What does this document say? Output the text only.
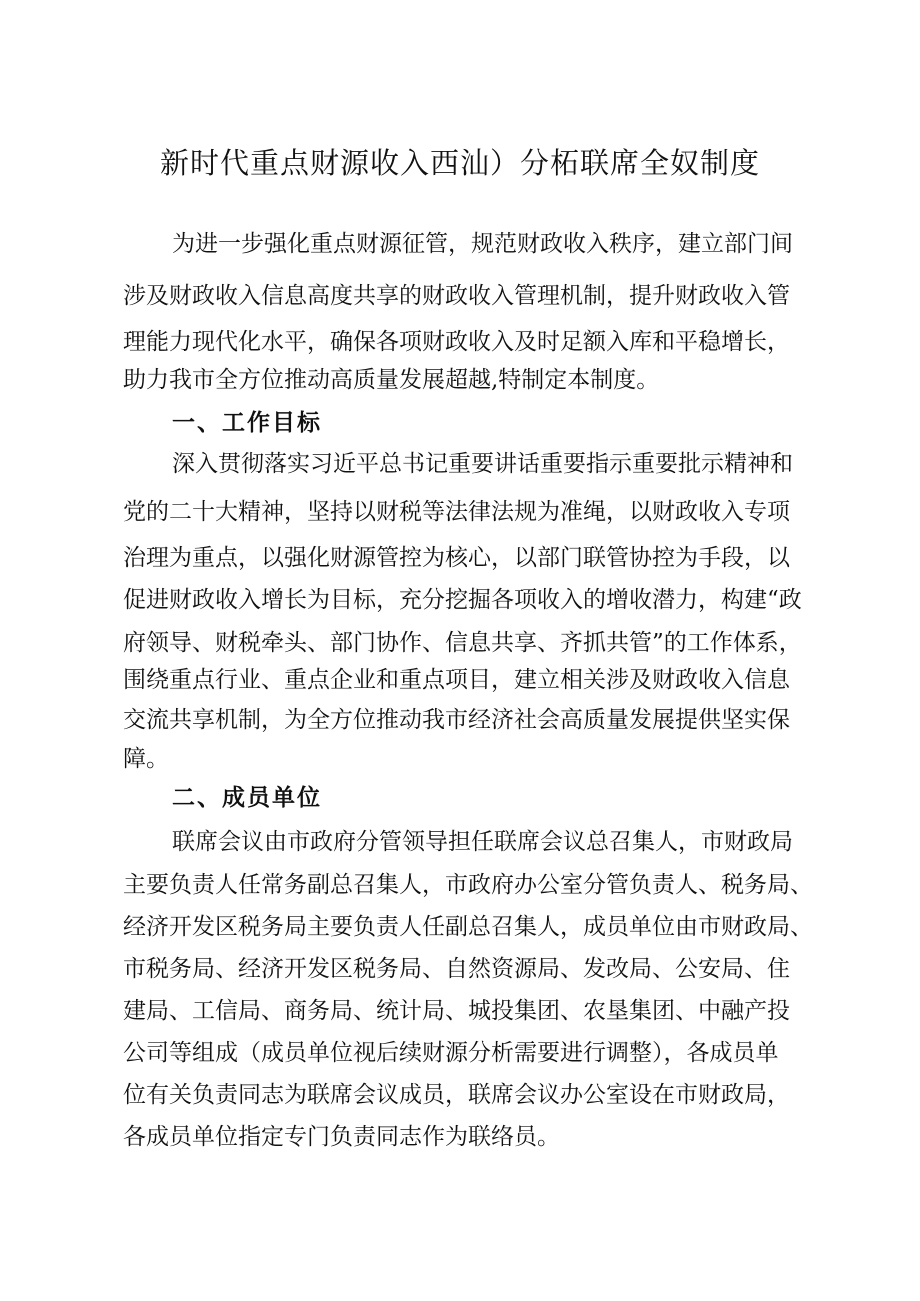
新时代重点财源收入西汕）分柘联席全奴制度
为进一步强化重点财源征管，规范财政收入秩序，建立部门间
涉及财政收入信息高度共享的财政收入管理机制，提升财政收入管
理能力现代化水平，确保各项财政收入及时足额入库和平稳增长，
助力我市全方位推动高质量发展超越,特制定本制度。
一、工作目标
深入贯彻落实习近平总书记重要讲话重要指示重要批示精神和
党的二十大精神，坚持以财税等法律法规为准绳，以财政收入专项
治理为重点，以强化财源管控为核心，以部门联管协控为手段，以
促进财政收入增长为目标，充分挖掘各项收入的增收潜力，构建“政
府领导、财税牵头、部门协作、信息共享、齐抓共管”的工作体系，
围绕重点行业、重点企业和重点项目，建立相关涉及财政收入信息
交流共享机制，为全方位推动我市经济社会高质量发展提供坚实保
障。
二、成员单位
联席会议由市政府分管领导担任联席会议总召集人，市财政局
主要负责人任常务副总召集人，市政府办公室分管负责人、税务局、
经济开发区税务局主要负责人任副总召集人，成员单位由市财政局、
市税务局、经济开发区税务局、自然资源局、发改局、公安局、住
建局、工信局、商务局、统计局、城投集团、农垦集团、中融产投
公司等组成（成员单位视后续财源分析需要进行调整），各成员单
位有关负责同志为联席会议成员，联席会议办公室设在市财政局，
各成员单位指定专门负责同志作为联络员。
